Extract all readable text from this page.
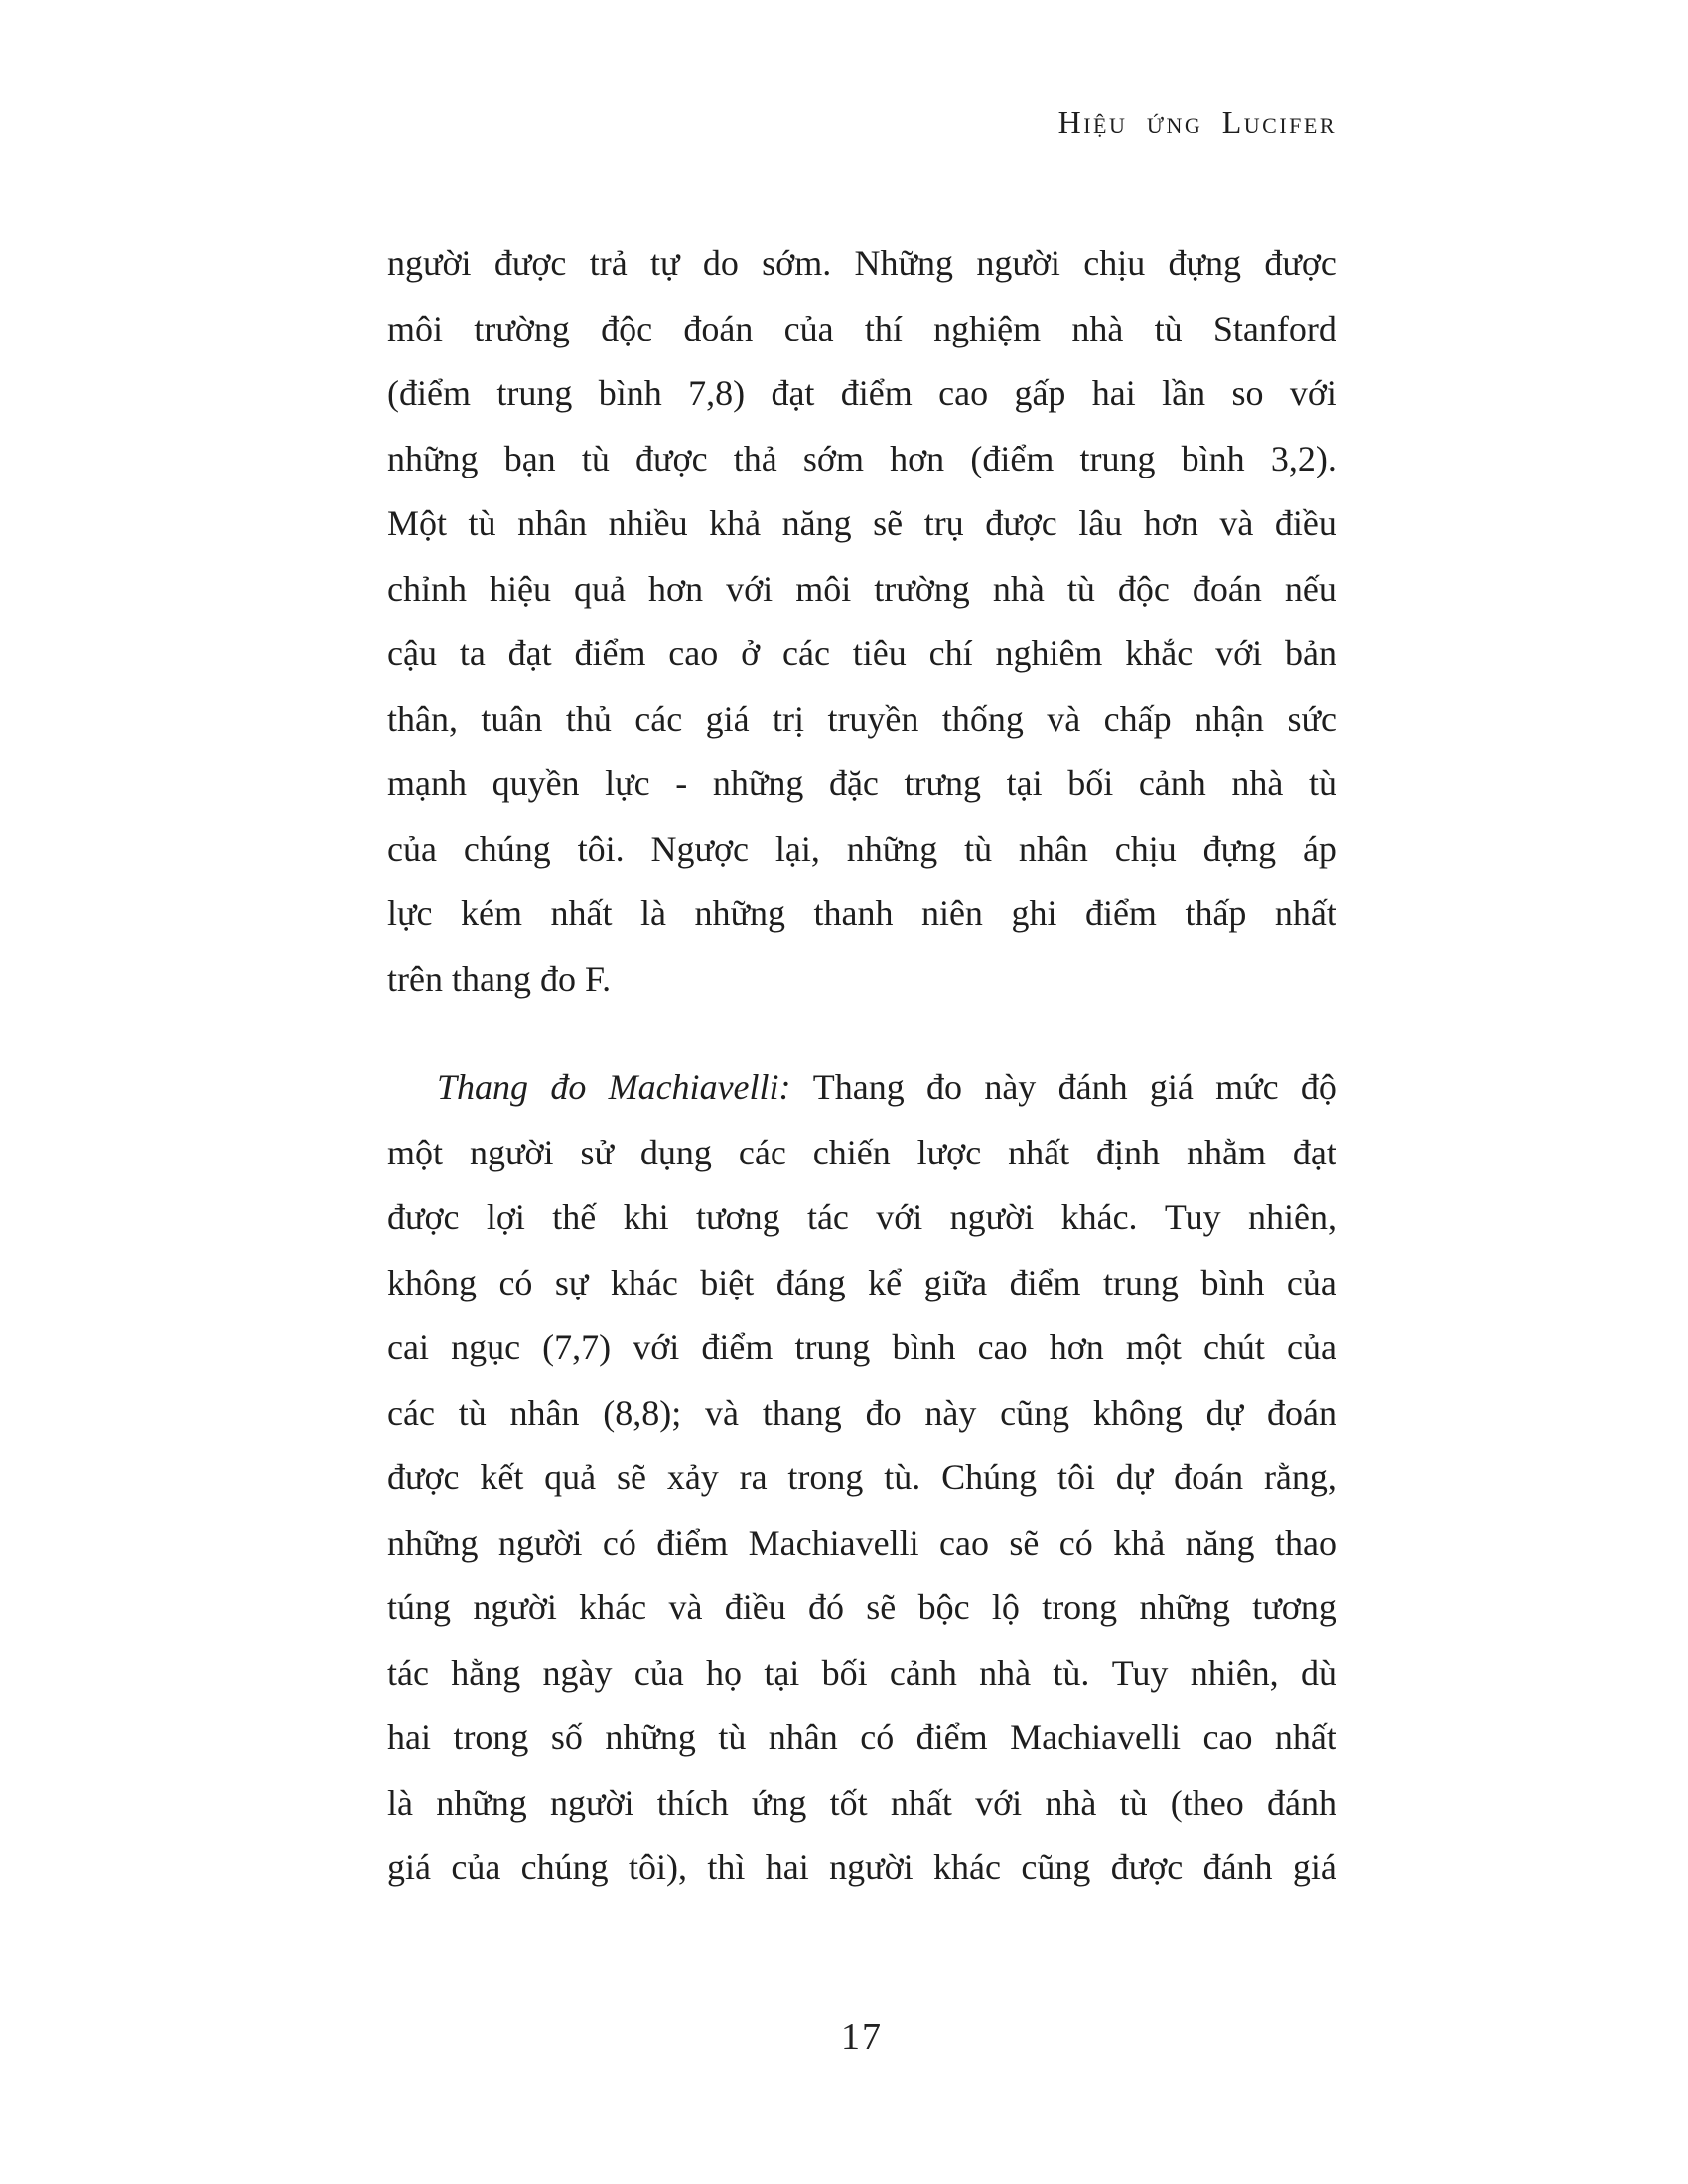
Hiệu ứng Lucifer
người được trả tự do sớm. Những người chịu đựng được
môi trường độc đoán của thí nghiệm nhà tù Stanford
(điểm trung bình 7,8) đạt điểm cao gấp hai lần so với
những bạn tù được thả sớm hơn (điểm trung bình 3,2).
Một tù nhân nhiều khả năng sẽ trụ được lâu hơn và điều
chỉnh hiệu quả hơn với môi trường nhà tù độc đoán nếu
cậu ta đạt điểm cao ở các tiêu chí nghiêm khắc với bản
thân, tuân thủ các giá trị truyền thống và chấp nhận sức
mạnh quyền lực - những đặc trưng tại bối cảnh nhà tù
của chúng tôi. Ngược lại, những tù nhân chịu đựng áp
lực kém nhất là những thanh niên ghi điểm thấp nhất
trên thang đo F.
Thang đo Machiavelli: Thang đo này đánh giá mức độ
một người sử dụng các chiến lược nhất định nhằm đạt
được lợi thế khi tương tác với người khác. Tuy nhiên,
không có sự khác biệt đáng kể giữa điểm trung bình của
cai ngục (7,7) với điểm trung bình cao hơn một chút của
các tù nhân (8,8); và thang đo này cũng không dự đoán
được kết quả sẽ xảy ra trong tù. Chúng tôi dự đoán rằng,
những người có điểm Machiavelli cao sẽ có khả năng thao
túng người khác và điều đó sẽ bộc lộ trong những tương
tác hằng ngày của họ tại bối cảnh nhà tù. Tuy nhiên, dù
hai trong số những tù nhân có điểm Machiavelli cao nhất
là những người thích ứng tốt nhất với nhà tù (theo đánh
giá của chúng tôi), thì hai người khác cũng được đánh giá
17
